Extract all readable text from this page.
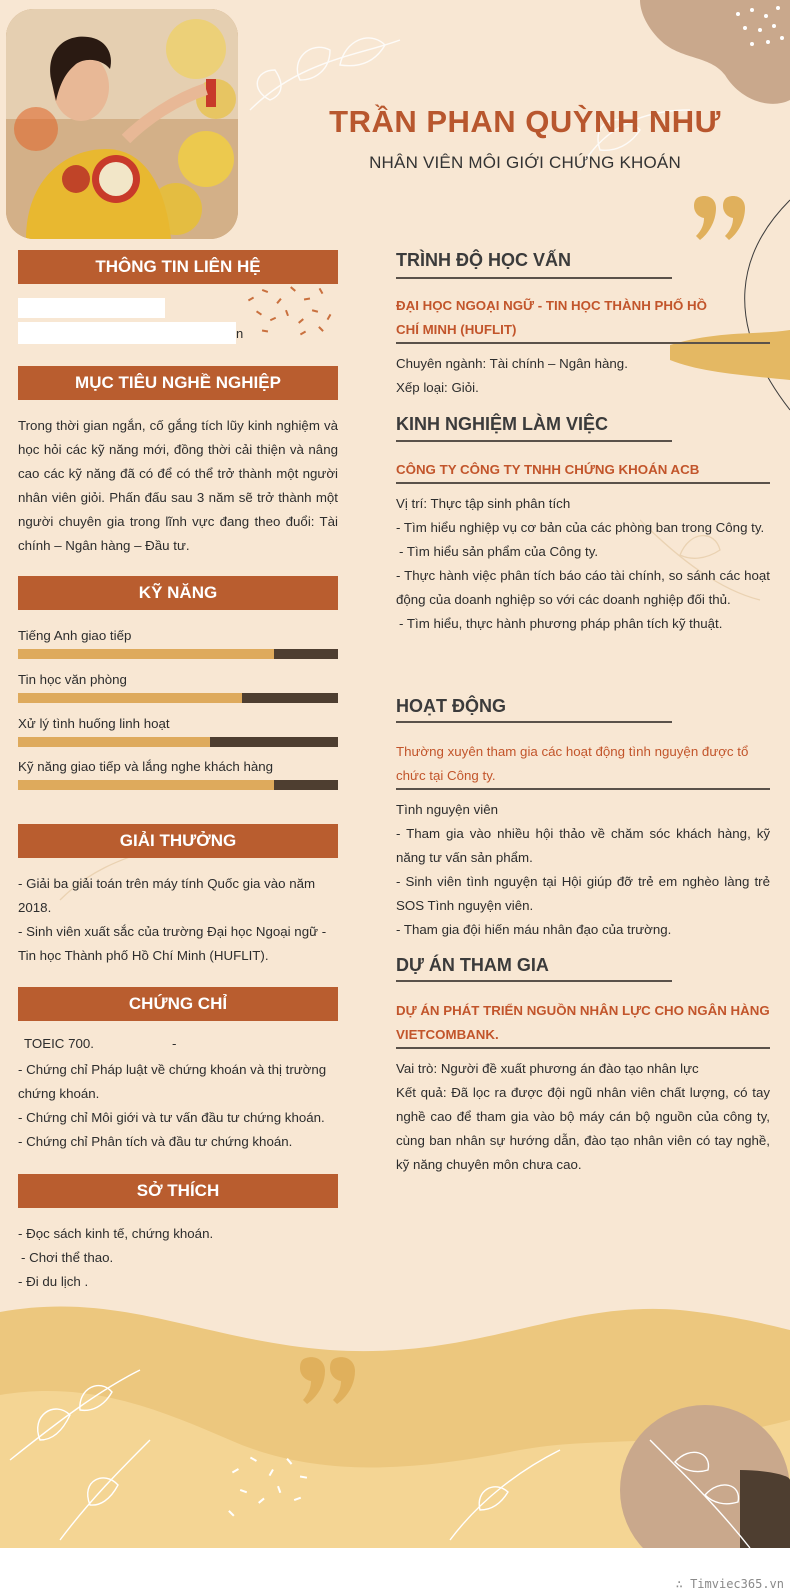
TRẦN PHAN QUỲNH NHƯ
NHÂN VIÊN MÔI GIỚI CHỨNG KHOÁN
THÔNG TIN LIÊN HỆ
n
MỤC TIÊU NGHỀ NGHIỆP
Trong thời gian ngắn, cố gắng tích lũy kinh nghiệm và học hỏi các kỹ năng mới, đồng thời cải thiện và nâng cao các kỹ năng đã có để có thể trở thành một người nhân viên giỏi. Phấn đấu sau 3 năm sẽ trở thành một người chuyên gia trong lĩnh vực đang theo đuổi: Tài chính – Ngân hàng – Đầu tư.
KỸ NĂNG
Tiếng Anh giao tiếp
Tin học văn phòng
Xử lý tình huống linh hoạt
Kỹ năng giao tiếp và lắng nghe khách hàng
GIẢI THƯỞNG
- Giải ba giải toán trên máy tính Quốc gia vào năm 2018.
- Sinh viên xuất sắc của trường Đại học Ngoại ngữ - Tin học Thành phố Hồ Chí Minh (HUFLIT).
CHỨNG CHỈ
TOEIC 700.	-
- Chứng chỉ Pháp luật về chứng khoán và thị trường chứng khoán.
- Chứng chỉ Môi giới và tư vấn đầu tư chứng khoán.
- Chứng chỉ Phân tích và đầu tư chứng khoán.
SỞ THÍCH
- Đọc sách kinh tế, chứng khoán.
- Chơi thể thao.
- Đi du lịch .
TRÌNH ĐỘ HỌC VẤN
ĐẠI HỌC NGOẠI NGỮ - TIN HỌC THÀNH PHỐ HỒ
CHÍ MINH (HUFLIT)
Chuyên ngành: Tài chính – Ngân hàng.
Xếp loại: Giỏi.
KINH NGHIỆM LÀM VIỆC
CÔNG TY CÔNG TY TNHH CHỨNG KHOÁN ACB
Vị trí: Thực tập sinh phân tích
- Tìm hiểu nghiệp vụ cơ bản của các phòng ban trong Công ty.
- Tìm hiểu sản phẩm của Công ty.
- Thực hành việc phân tích báo cáo tài chính, so sánh các hoạt động của doanh nghiệp so với các doanh nghiệp đối thủ.
- Tìm hiểu, thực hành phương pháp phân tích kỹ thuật.
HOẠT ĐỘNG
Thường xuyên tham gia các hoạt động tình nguyện được tổ chức tại Công ty.
Tình nguyện viên
- Tham gia vào nhiều hội thảo về chăm sóc khách hàng, kỹ năng tư vấn sản phẩm.
- Sinh viên tình nguyện tại Hội giúp đỡ trẻ em nghèo làng trẻ SOS Tình nguyện viên.
- Tham gia đội hiến máu nhân đạo của trường.
DỰ ÁN THAM GIA
DỰ ÁN PHÁT TRIỂN NGUỒN NHÂN LỰC CHO NGÂN HÀNG
VIETCOMBANK.
Vai trò: Người đề xuất phương án đào tạo nhân lực
Kết quả: Đã lọc ra được đội ngũ nhân viên chất lượng, có tay nghề cao để tham gia vào bộ máy cán bộ nguồn của công ty, cùng ban nhân sự hướng dẫn, đào tạo nhân viên có tay nghề, kỹ năng chuyên môn chưa cao.
∴ Timviec365.vn
